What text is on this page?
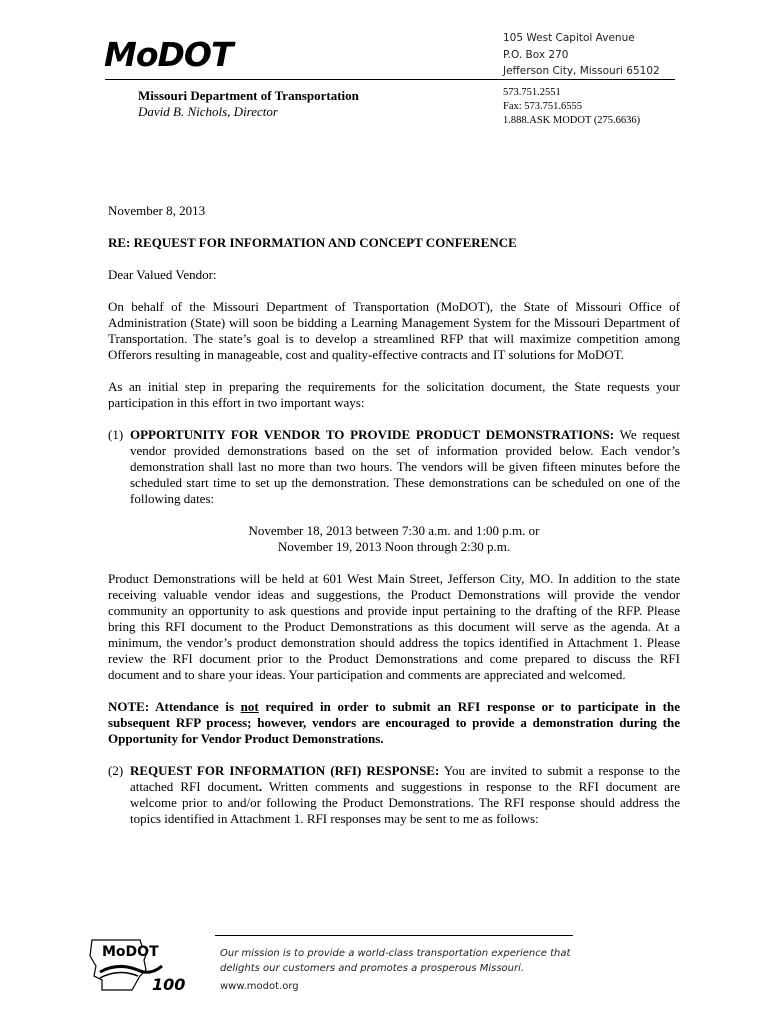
MoDOT	105 West Capitol Avenue
P.O. Box 270
Jefferson City, Missouri 65102
Missouri Department of Transportation
David B. Nichols, Director
573.751.2551
Fax: 573.751.6555
1.888.ASK MODOT (275.6636)

November 8, 2013

RE: REQUEST FOR INFORMATION AND CONCEPT CONFERENCE

Dear Valued Vendor:

On behalf of the Missouri Department of Transportation (MoDOT), the State of Missouri Office of Administration (State) will soon be bidding a Learning Management System for the Missouri Department of Transportation. The state’s goal is to develop a streamlined RFP that will maximize competition among Offerors resulting in manageable, cost and quality-effective contracts and IT solutions for MoDOT.

As an initial step in preparing the requirements for the solicitation document, the State requests your participation in this effort in two important ways:

(1) OPPORTUNITY FOR VENDOR TO PROVIDE PRODUCT DEMONSTRATIONS: We request vendor provided demonstrations based on the set of information provided below. Each vendor’s demonstration shall last no more than two hours. The vendors will be given fifteen minutes before the scheduled start time to set up the demonstration. These demonstrations can be scheduled on one of the following dates:

November 18, 2013 between 7:30 a.m. and 1:00 p.m. or
November 19, 2013 Noon through 2:30 p.m.

Product Demonstrations will be held at 601 West Main Street, Jefferson City, MO. In addition to the state receiving valuable vendor ideas and suggestions, the Product Demonstrations will provide the vendor community an opportunity to ask questions and provide input pertaining to the drafting of the RFP. Please bring this RFI document to the Product Demonstrations as this document will serve as the agenda. At a minimum, the vendor’s product demonstration should address the topics identified in Attachment 1. Please review the RFI document prior to the Product Demonstrations and come prepared to discuss the RFI document and to share your ideas. Your participation and comments are appreciated and welcomed.

NOTE: Attendance is not required in order to submit an RFI response or to participate in the subsequent RFP process; however, vendors are encouraged to provide a demonstration during the Opportunity for Vendor Product Demonstrations.

(2) REQUEST FOR INFORMATION (RFI) RESPONSE: You are invited to submit a response to the attached RFI document. Written comments and suggestions in response to the RFI document are welcome prior to and/or following the Product Demonstrations. The RFI response should address the topics identified in Attachment 1. RFI responses may be sent to me as follows:
MoDOT
100
Our mission is to provide a world-class transportation experience that
delights our customers and promotes a prosperous Missouri.
www.modot.org
